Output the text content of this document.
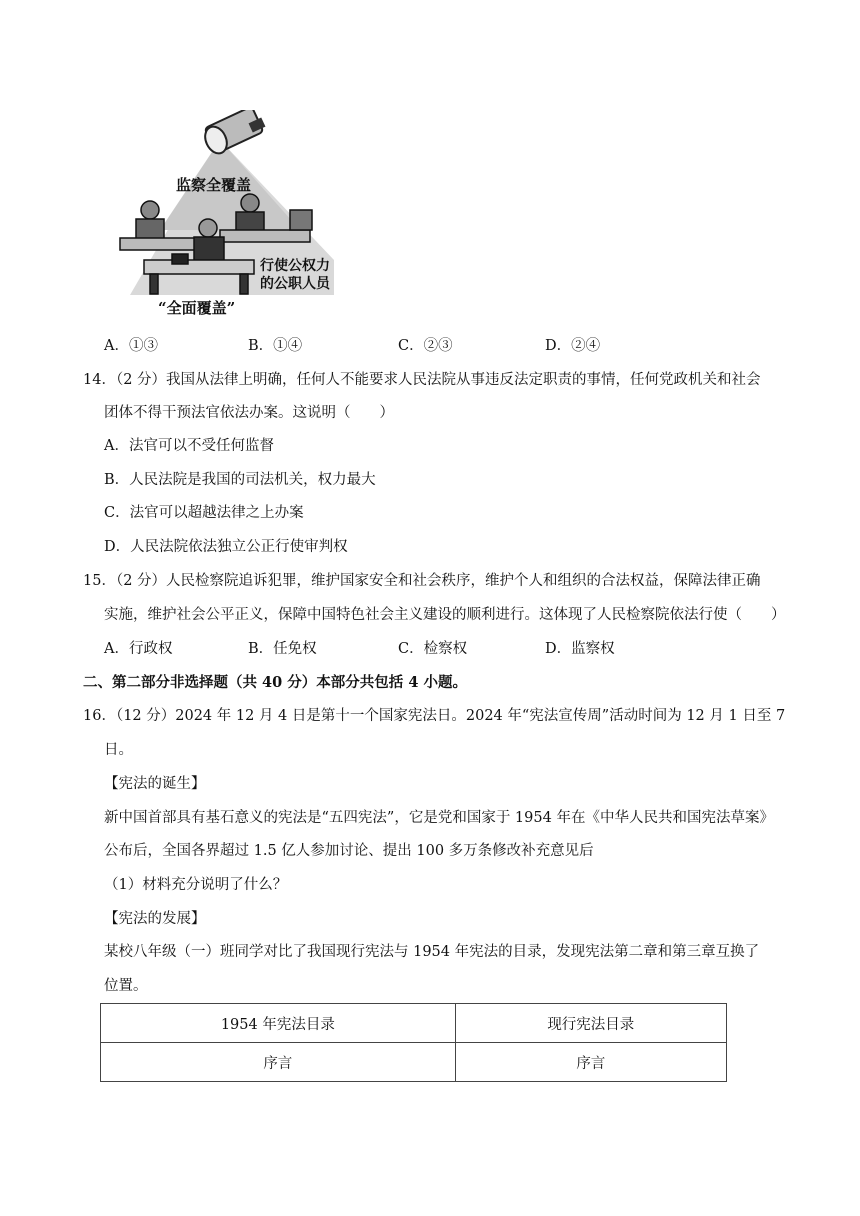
监察全覆盖
行使公权力
的公职人员
“全面覆盖”
A．①③	B．①④	C．②③	D．②④
14．（2 分）我国从法律上明确，任何人不能要求人民法院从事违反法定职责的事情，任何党政机关和社会
团体不得干预法官依法办案。这说明（　　）
A．法官可以不受任何监督
B．人民法院是我国的司法机关，权力最大
C．法官可以超越法律之上办案
D．人民法院依法独立公正行使审判权
15．（2 分）人民检察院追诉犯罪，维护国家安全和社会秩序，维护个人和组织的合法权益，保障法律正确
实施，维护社会公平正义，保障中国特色社会主义建设的顺利进行。这体现了人民检察院依法行使（　　）
A．行政权	B．任免权	C．检察权	D．监察权
二、第二部分非选择题（共 40 分）本部分共包括 4 小题。
16．（12 分）2024 年 12 月 4 日是第十一个国家宪法日。2024 年“宪法宣传周”活动时间为 12 月 1 日至 7
日。
【宪法的诞生】
新中国首部具有基石意义的宪法是“五四宪法”，它是党和国家于 1954 年在《中华人民共和国宪法草案》
公布后，全国各界超过 1.5 亿人参加讨论、提出 100 多万条修改补充意见后
（1）材料充分说明了什么？
【宪法的发展】
某校八年级（一）班同学对比了我国现行宪法与 1954 年宪法的目录，发现宪法第二章和第三章互换了
位置。
1954 年宪法目录	现行宪法目录
序言	序言
